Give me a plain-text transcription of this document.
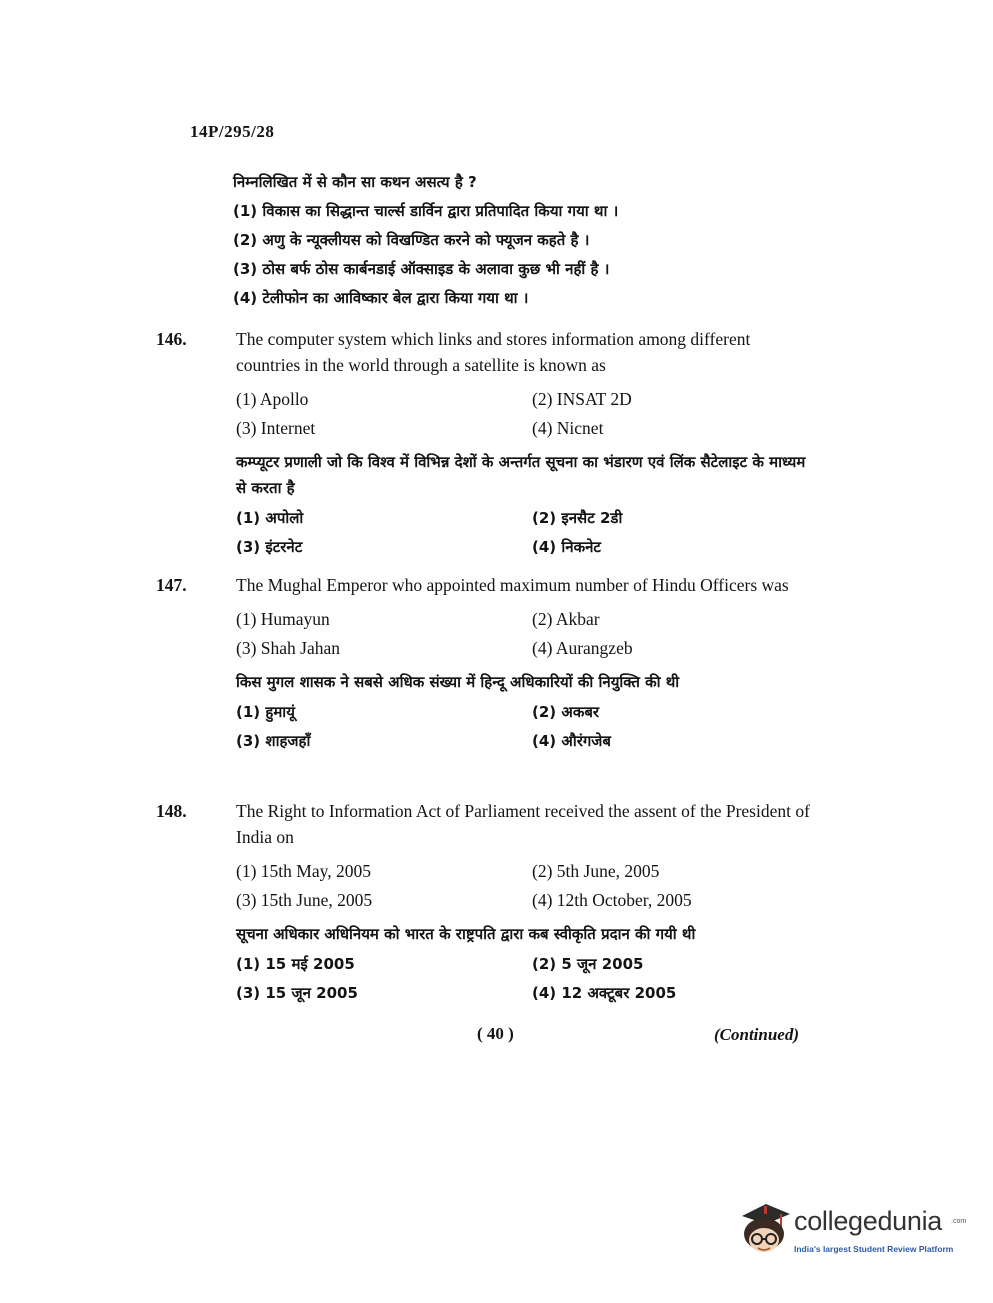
14P/295/28
निम्नलिखित में से कौन सा कथन असत्य है ?
(1) विकास का सिद्धान्त चार्ल्स डार्विन द्वारा प्रतिपादित किया गया था ।
(2) अणु के न्यूक्लीयस को विखण्डित करने को फ्यूजन कहते है ।
(3) ठोस बर्फ ठोस कार्बनडाई ऑक्साइड के अलावा कुछ भी नहीं है ।
(4) टेलीफोन का आविष्कार बेल द्वारा किया गया था ।
146.	The computer system which links and stores information among different countries in the world through a satellite is known as
(1) Apollo	(2) INSAT 2D
(3) Internet	(4) Nicnet
कम्प्यूटर प्रणाली जो कि विश्व में विभिन्न देशों के अन्तर्गत सूचना का भंडारण एवं लिंक सैटेलाइट के माध्यम से करता है
(1) अपोलो	(2) इनसैट 2डी
(3) इंटरनेट	(4) निकनेट
147.	The Mughal Emperor who appointed maximum number of Hindu Officers was
(1) Humayun	(2) Akbar
(3) Shah Jahan	(4) Aurangzeb
किस मुगल शासक ने सबसे अधिक संख्या में हिन्दू अधिकारियों की नियुक्ति की थी
(1) हुमायूं	(2) अकबर
(3) शाहजहाँ	(4) औरंगजेब
148.	The Right to Information Act of Parliament received the assent of the President of India on
(1) 15th May, 2005	(2) 5th June, 2005
(3) 15th June, 2005	(4) 12th October, 2005
सूचना अधिकार अधिनियम को भारत के राष्ट्रपति द्वारा कब स्वीकृति प्रदान की गयी थी
(1) 15 मई 2005	(2) 5 जून 2005
(3) 15 जून 2005	(4) 12 अक्टूबर 2005
( 40 )	(Continued)
collegedunia .com
India's largest Student Review Platform
